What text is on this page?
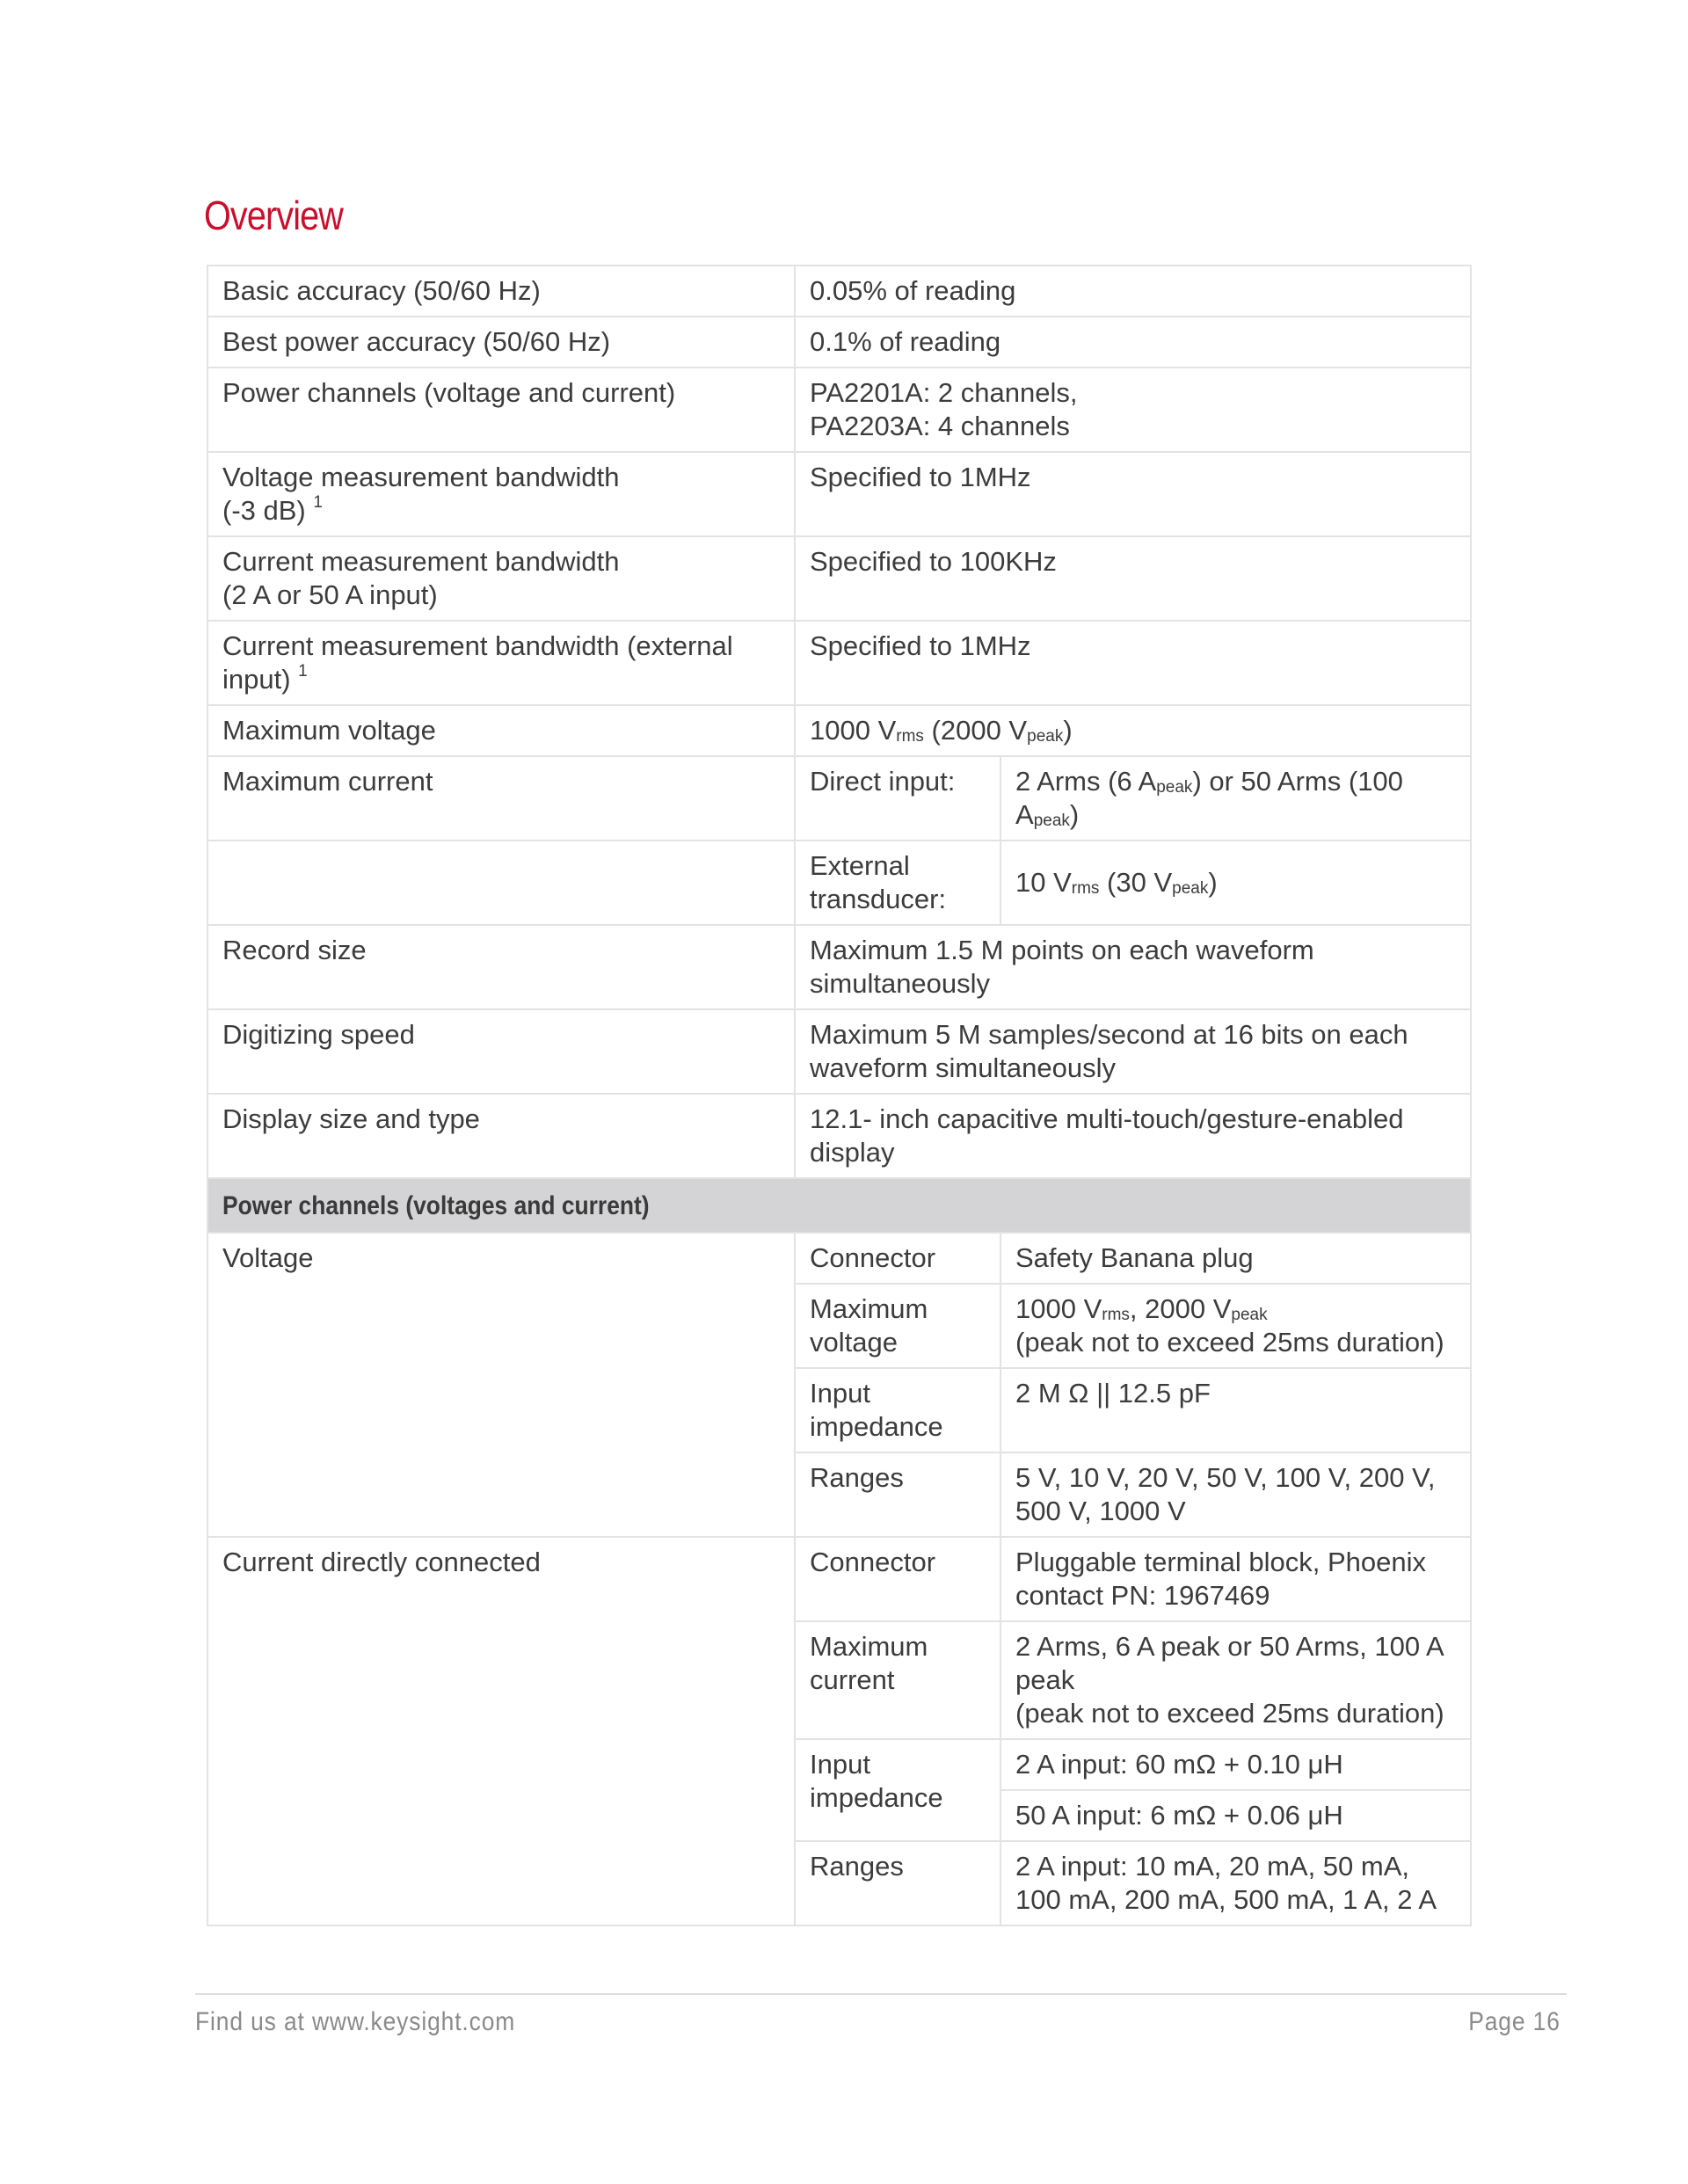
Overview
Basic accuracy (50/60 Hz)	0.05% of reading	
Best power accuracy (50/60 Hz)	0.1% of reading	
Power channels (voltage and current)	PA2201A: 2 channels,
PA2203A: 4 channels	
Voltage measurement bandwidth
(-3 dB) $^1$	Specified to 1MHz	
Current measurement bandwidth
(2 A or 50 A input)	Specified to 100KHz	
Current measurement bandwidth (external
input) $^1$	Specified to 1MHz	
Maximum voltage	1000 $V_{rms}$ (2000 $V_{peak}$)	
Maximum current	Direct input:	2 Arms (6 $A_{peak}$) or 50 Arms (100 $A_{peak}$)
	External
transducer:	10 $V_{rms}$ (30 $V_{peak}$)
Record size	Maximum 1.5 M points on each waveform
simultaneously	
Digitizing speed	Maximum 5 M samples/second at 16 bits on each
waveform simultaneously	
Display size and type	12.1- inch capacitive multi-touch/gesture-enabled
display	
Power channels (voltages and current)		
Voltage	Connector	Safety Banana plug
	Maximum
voltage	1000 $V_{rms}$, 2000 $V_{peak}$
(peak not to exceed 25ms duration)
	Input
impedance	2 M Ω || 12.5 pF
	Ranges	5 V, 10 V, 20 V, 50 V, 100 V, 200 V,
500 V, 1000 V
Current directly connected	Connector	Pluggable terminal block, Phoenix
contact PN: 1967469
	Maximum
current	2 Arms, 6 A peak or 50 Arms, 100 A
peak
(peak not to exceed 25ms duration)
	Input
impedance	2 A input: 60 mΩ + 0.10 μH
		50 A input: 6 mΩ + 0.06 μH
	Ranges	2 A input: 10 mA, 20 mA, 50 mA,
100 mA, 200 mA, 500 mA, 1 A, 2 A
Find us at www.keysight.com	Page 16
